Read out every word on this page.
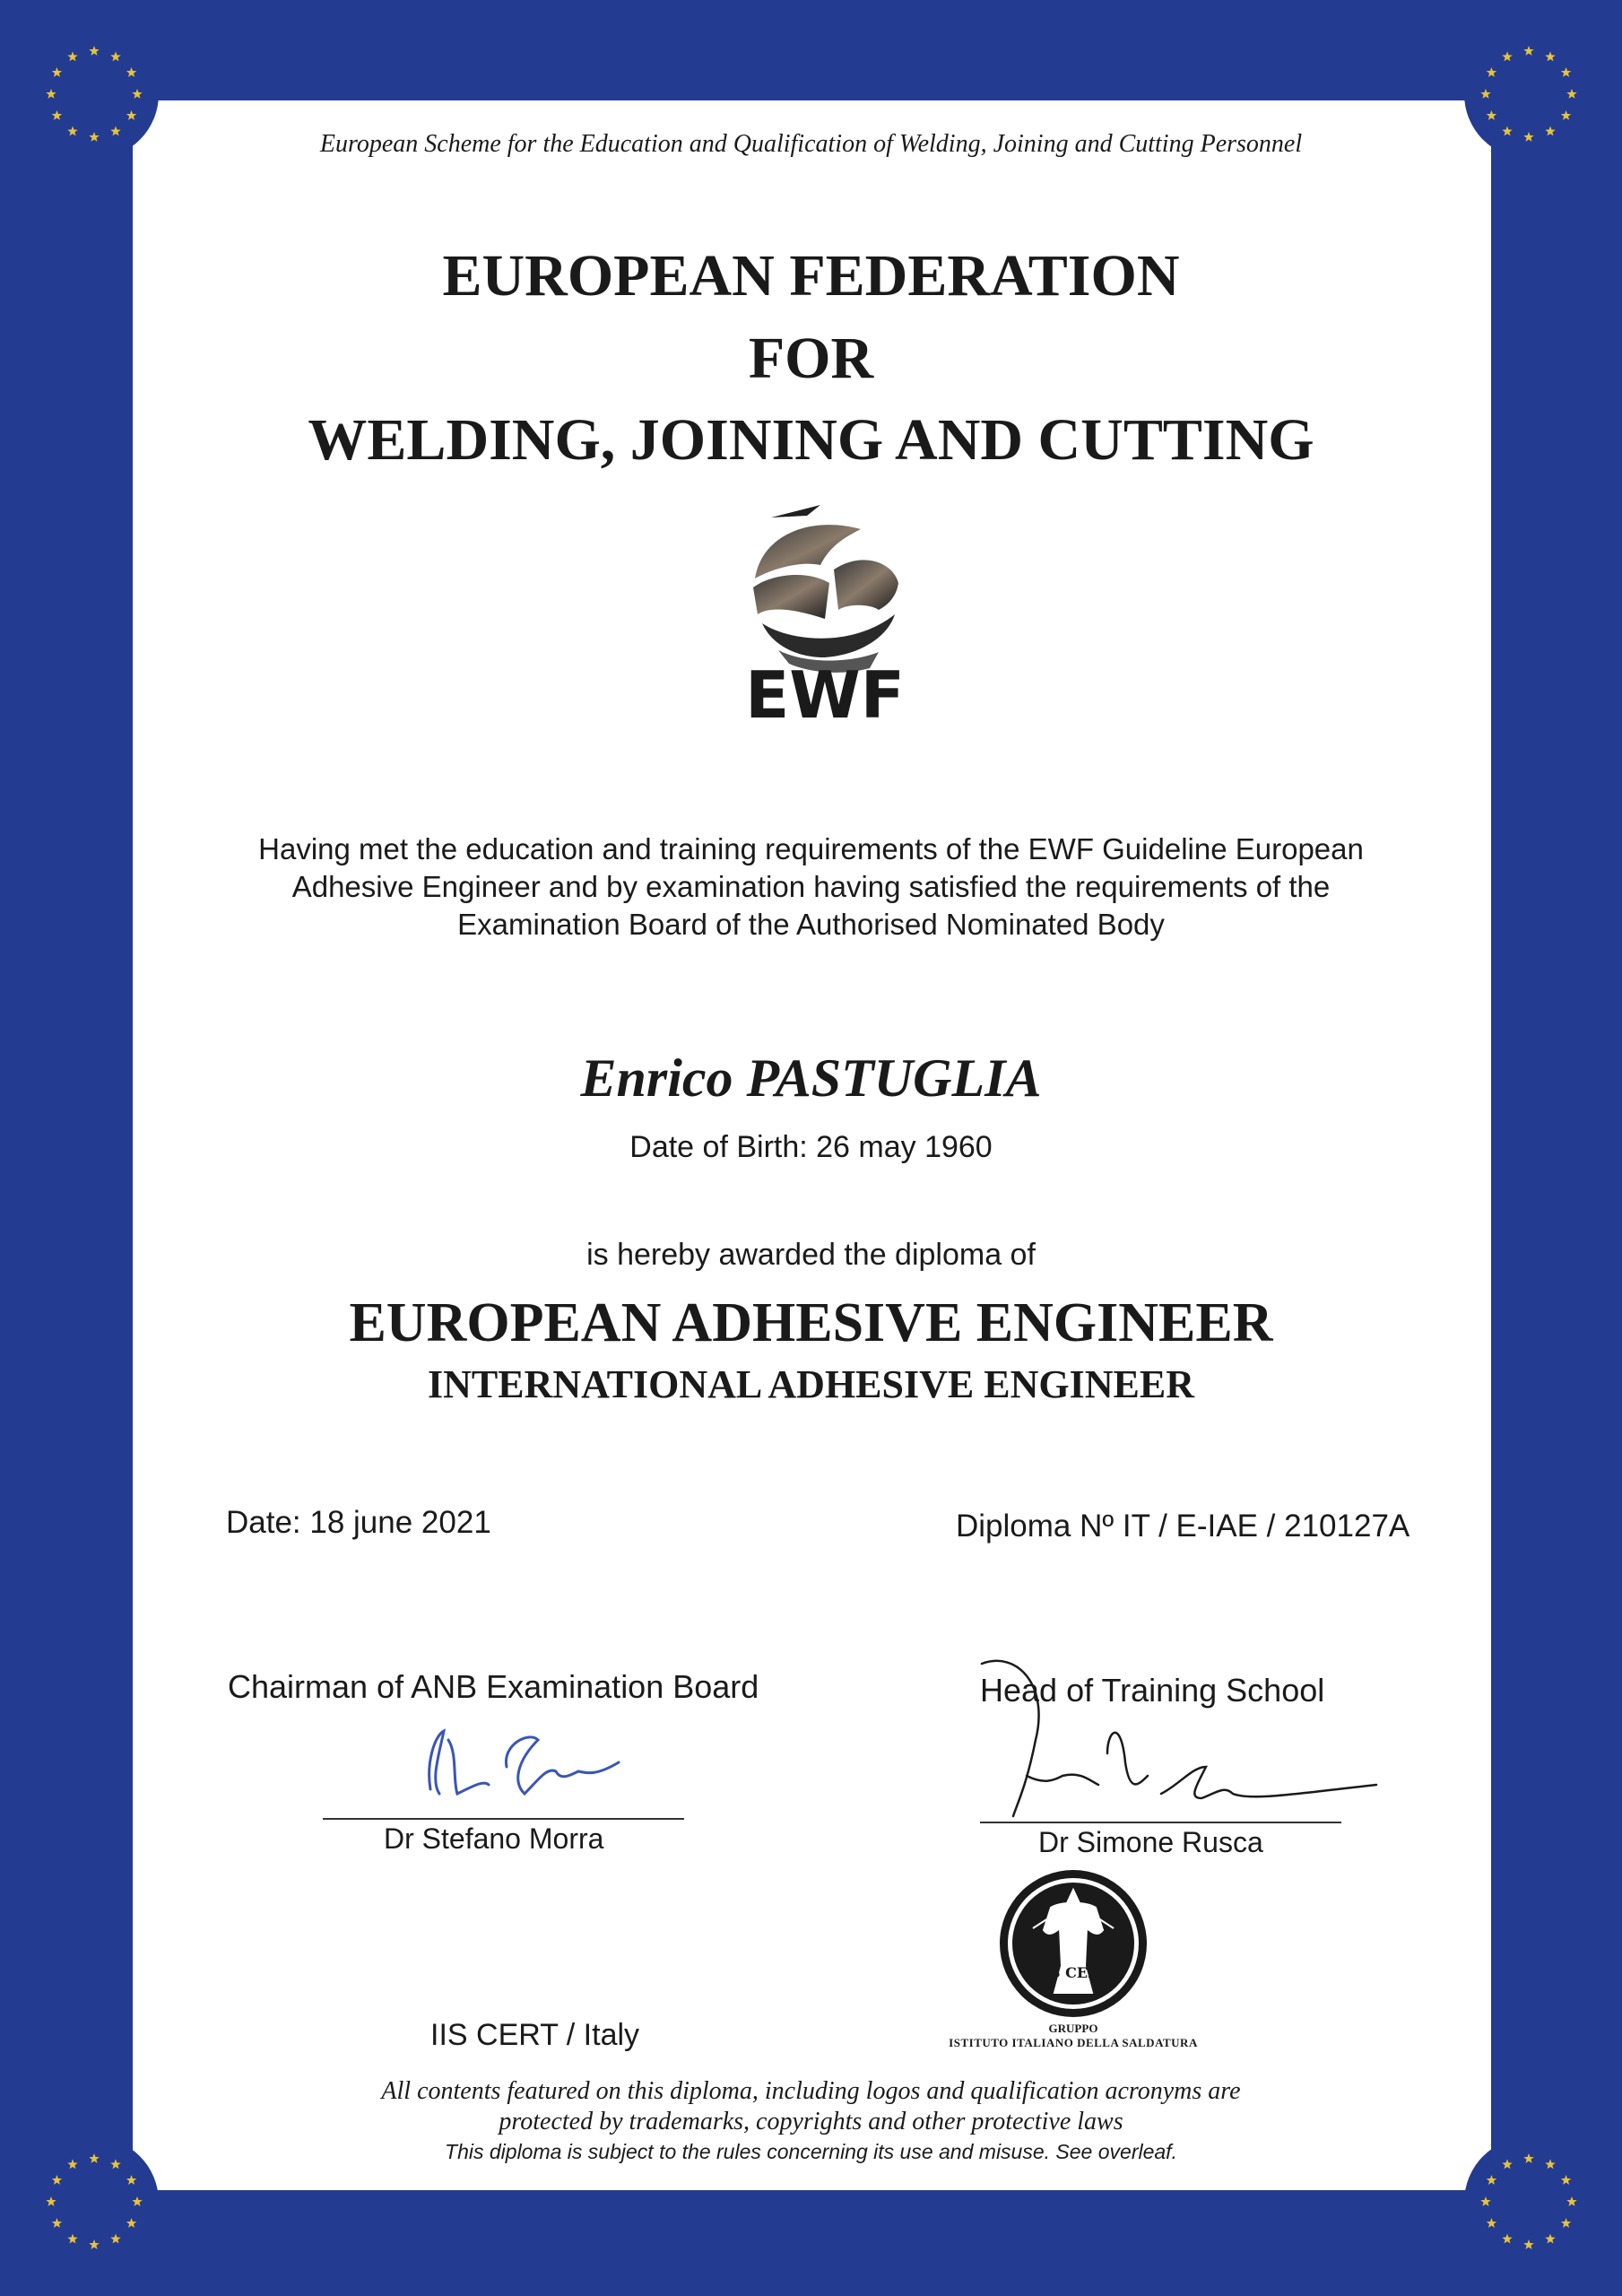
European Scheme for the Education and Qualification of Welding, Joining and Cutting Personnel
EUROPEAN FEDERATION
FOR
WELDING, JOINING AND CUTTING
EWF
Having met the education and training requirements of the EWF Guideline European
Adhesive Engineer and by examination having satisfied the requirements of the
Examination Board of the Authorised Nominated Body
Enrico PASTUGLIA
Date of Birth: 26 may 1960
is hereby awarded the diploma of
EUROPEAN ADHESIVE ENGINEER
INTERNATIONAL ADHESIVE ENGINEER
Date: 18 june 2021	Diploma Nº IT / E-IAE / 210127A
Chairman of ANB Examination Board
Dr Stefano Morra
Head of Training School
Dr Simone Rusca
IIS CERT
GRUPPO
ISTITUTO ITALIANO DELLA SALDATURA
IIS CERT / Italy
All contents featured on this diploma, including logos and qualification acronyms are
protected by trademarks, copyrights and other protective laws
This diploma is subject to the rules concerning its use and misuse. See overleaf.
